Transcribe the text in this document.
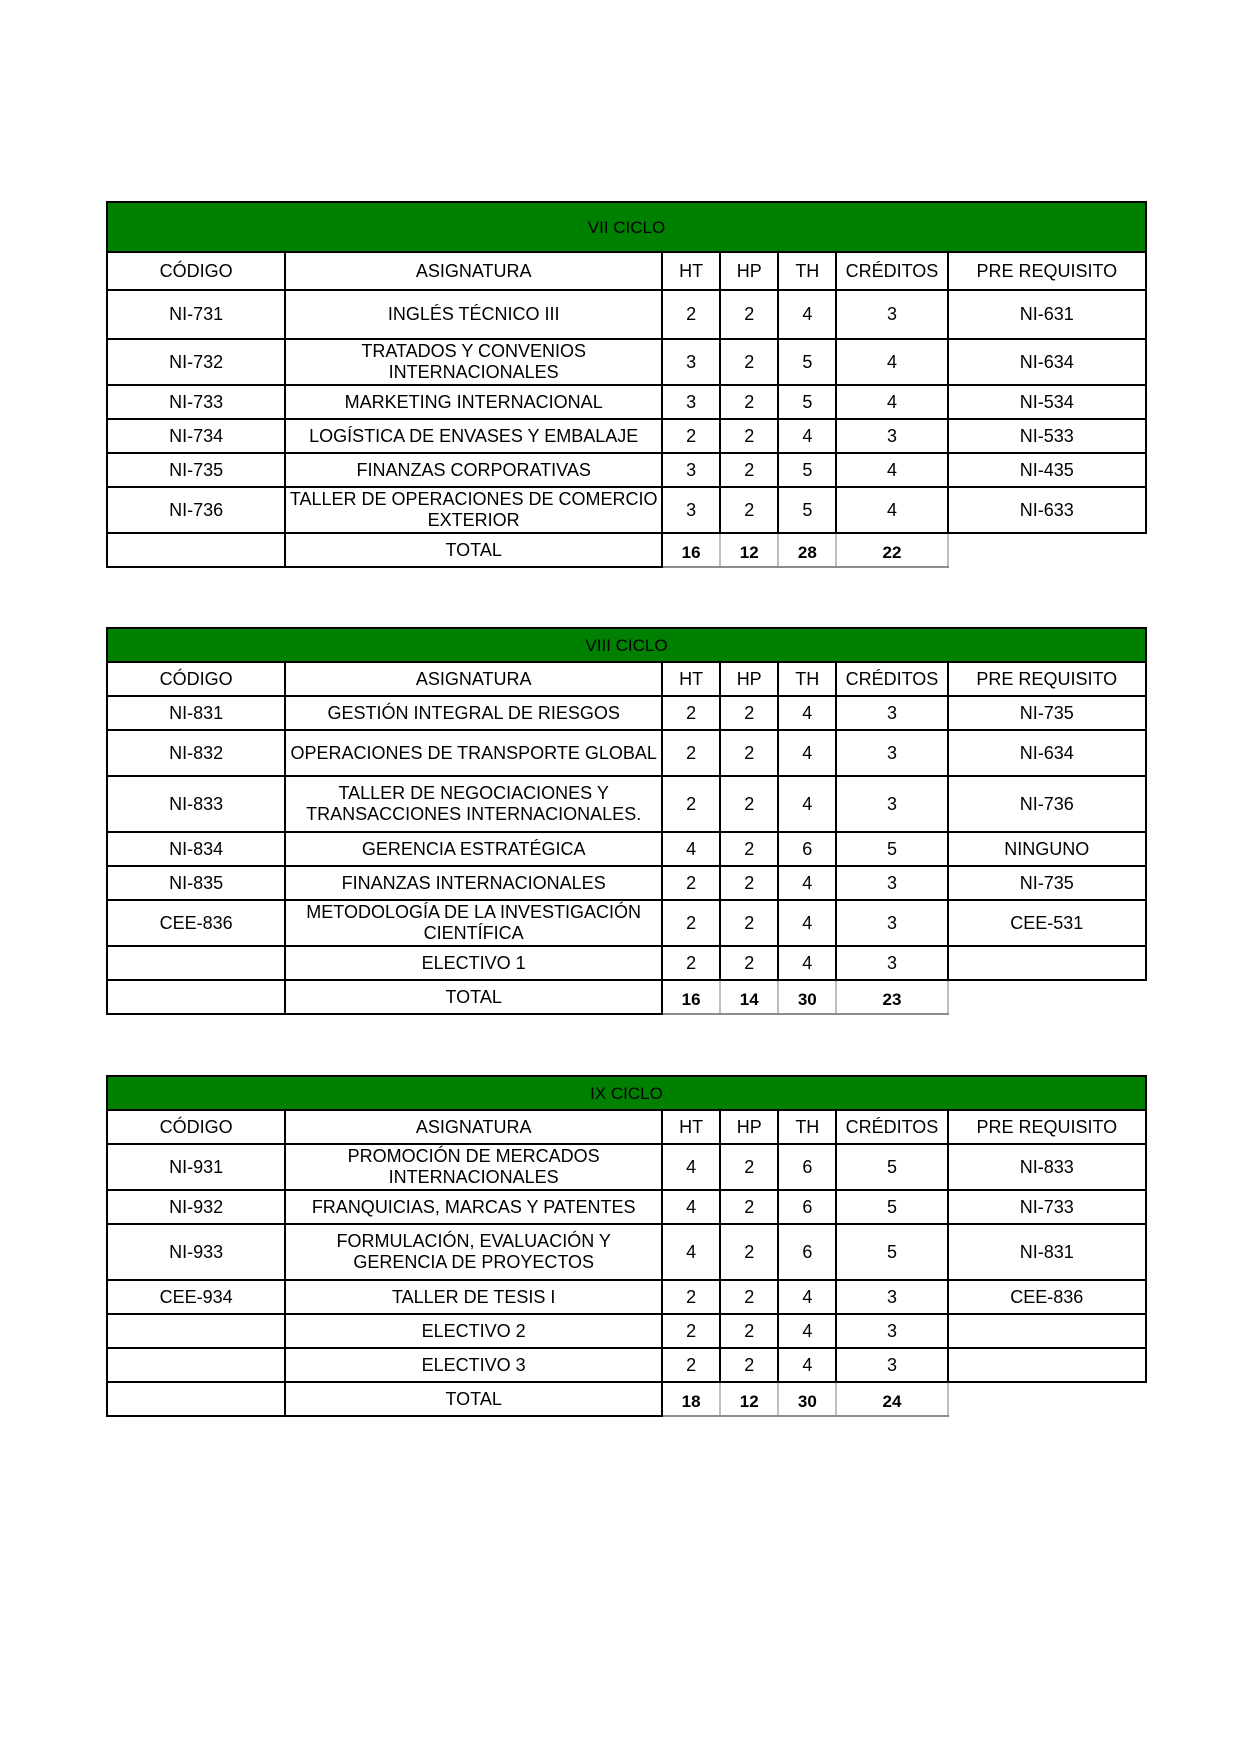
VII CICLO						
CÓDIGO	ASIGNATURA	HT	HP	TH	CRÉDITOS	PRE REQUISITO
NI-731	INGLÉS TÉCNICO III	2	2	4	3	NI-631
NI-732	TRATADOS Y CONVENIOS INTERNACIONALES	3	2	5	4	NI-634
NI-733	MARKETING INTERNACIONAL	3	2	5	4	NI-534
NI-734	LOGÍSTICA DE ENVASES Y EMBALAJE	2	2	4	3	NI-533
NI-735	FINANZAS CORPORATIVAS	3	2	5	4	NI-435
NI-736	TALLER DE OPERACIONES DE COMERCIO EXTERIOR	3	2	5	4	NI-633
	TOTAL	16	12	28	22	
VIII CICLO						
CÓDIGO	ASIGNATURA	HT	HP	TH	CRÉDITOS	PRE REQUISITO
NI-831	GESTIÓN INTEGRAL DE RIESGOS	2	2	4	3	NI-735
NI-832	OPERACIONES DE TRANSPORTE GLOBAL	2	2	4	3	NI-634
NI-833	TALLER DE NEGOCIACIONES Y TRANSACCIONES INTERNACIONALES.	2	2	4	3	NI-736
NI-834	GERENCIA ESTRATÉGICA	4	2	6	5	NINGUNO
NI-835	FINANZAS INTERNACIONALES	2	2	4	3	NI-735
CEE-836	METODOLOGÍA DE LA INVESTIGACIÓN CIENTÍFICA	2	2	4	3	CEE-531
	ELECTIVO 1	2	2	4	3	
	TOTAL	16	14	30	23	
IX CICLO						
CÓDIGO	ASIGNATURA	HT	HP	TH	CRÉDITOS	PRE REQUISITO
NI-931	PROMOCIÓN DE MERCADOS INTERNACIONALES	4	2	6	5	NI-833
NI-932	FRANQUICIAS, MARCAS Y PATENTES	4	2	6	5	NI-733
NI-933	FORMULACIÓN, EVALUACIÓN Y GERENCIA DE PROYECTOS	4	2	6	5	NI-831
CEE-934	TALLER DE TESIS I	2	2	4	3	CEE-836
	ELECTIVO 2	2	2	4	3	
	ELECTIVO 3	2	2	4	3	
	TOTAL	18	12	30	24	
